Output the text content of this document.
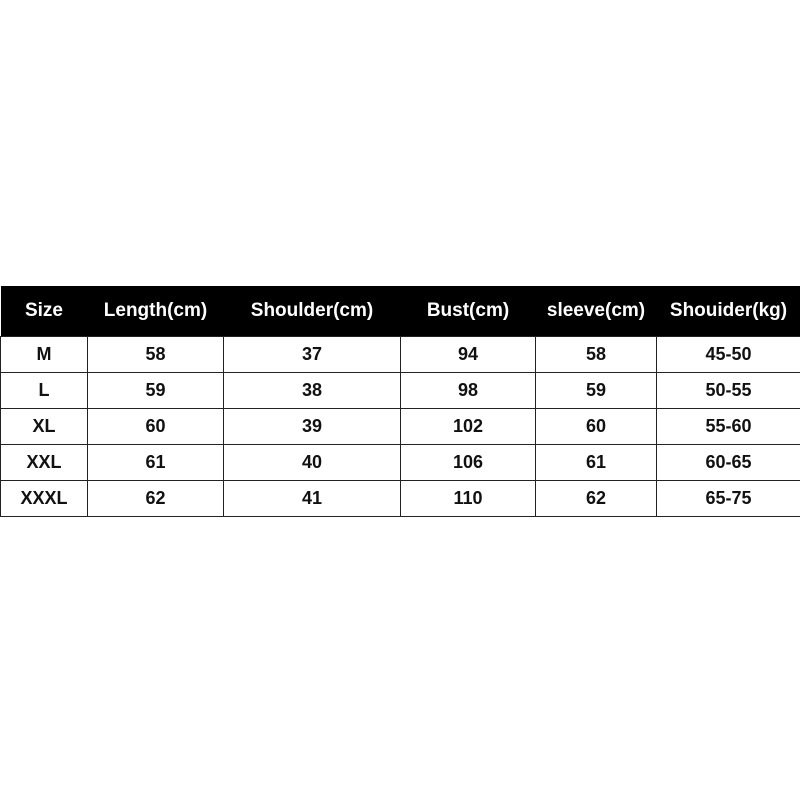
Size	Length(cm)	Shoulder(cm)	Bust(cm)	sleeve(cm)	Shouider(kg)
M	58	37	94	58	45-50
L	59	38	98	59	50-55
XL	60	39	102	60	55-60
XXL	61	40	106	61	60-65
XXXL	62	41	110	62	65-75
